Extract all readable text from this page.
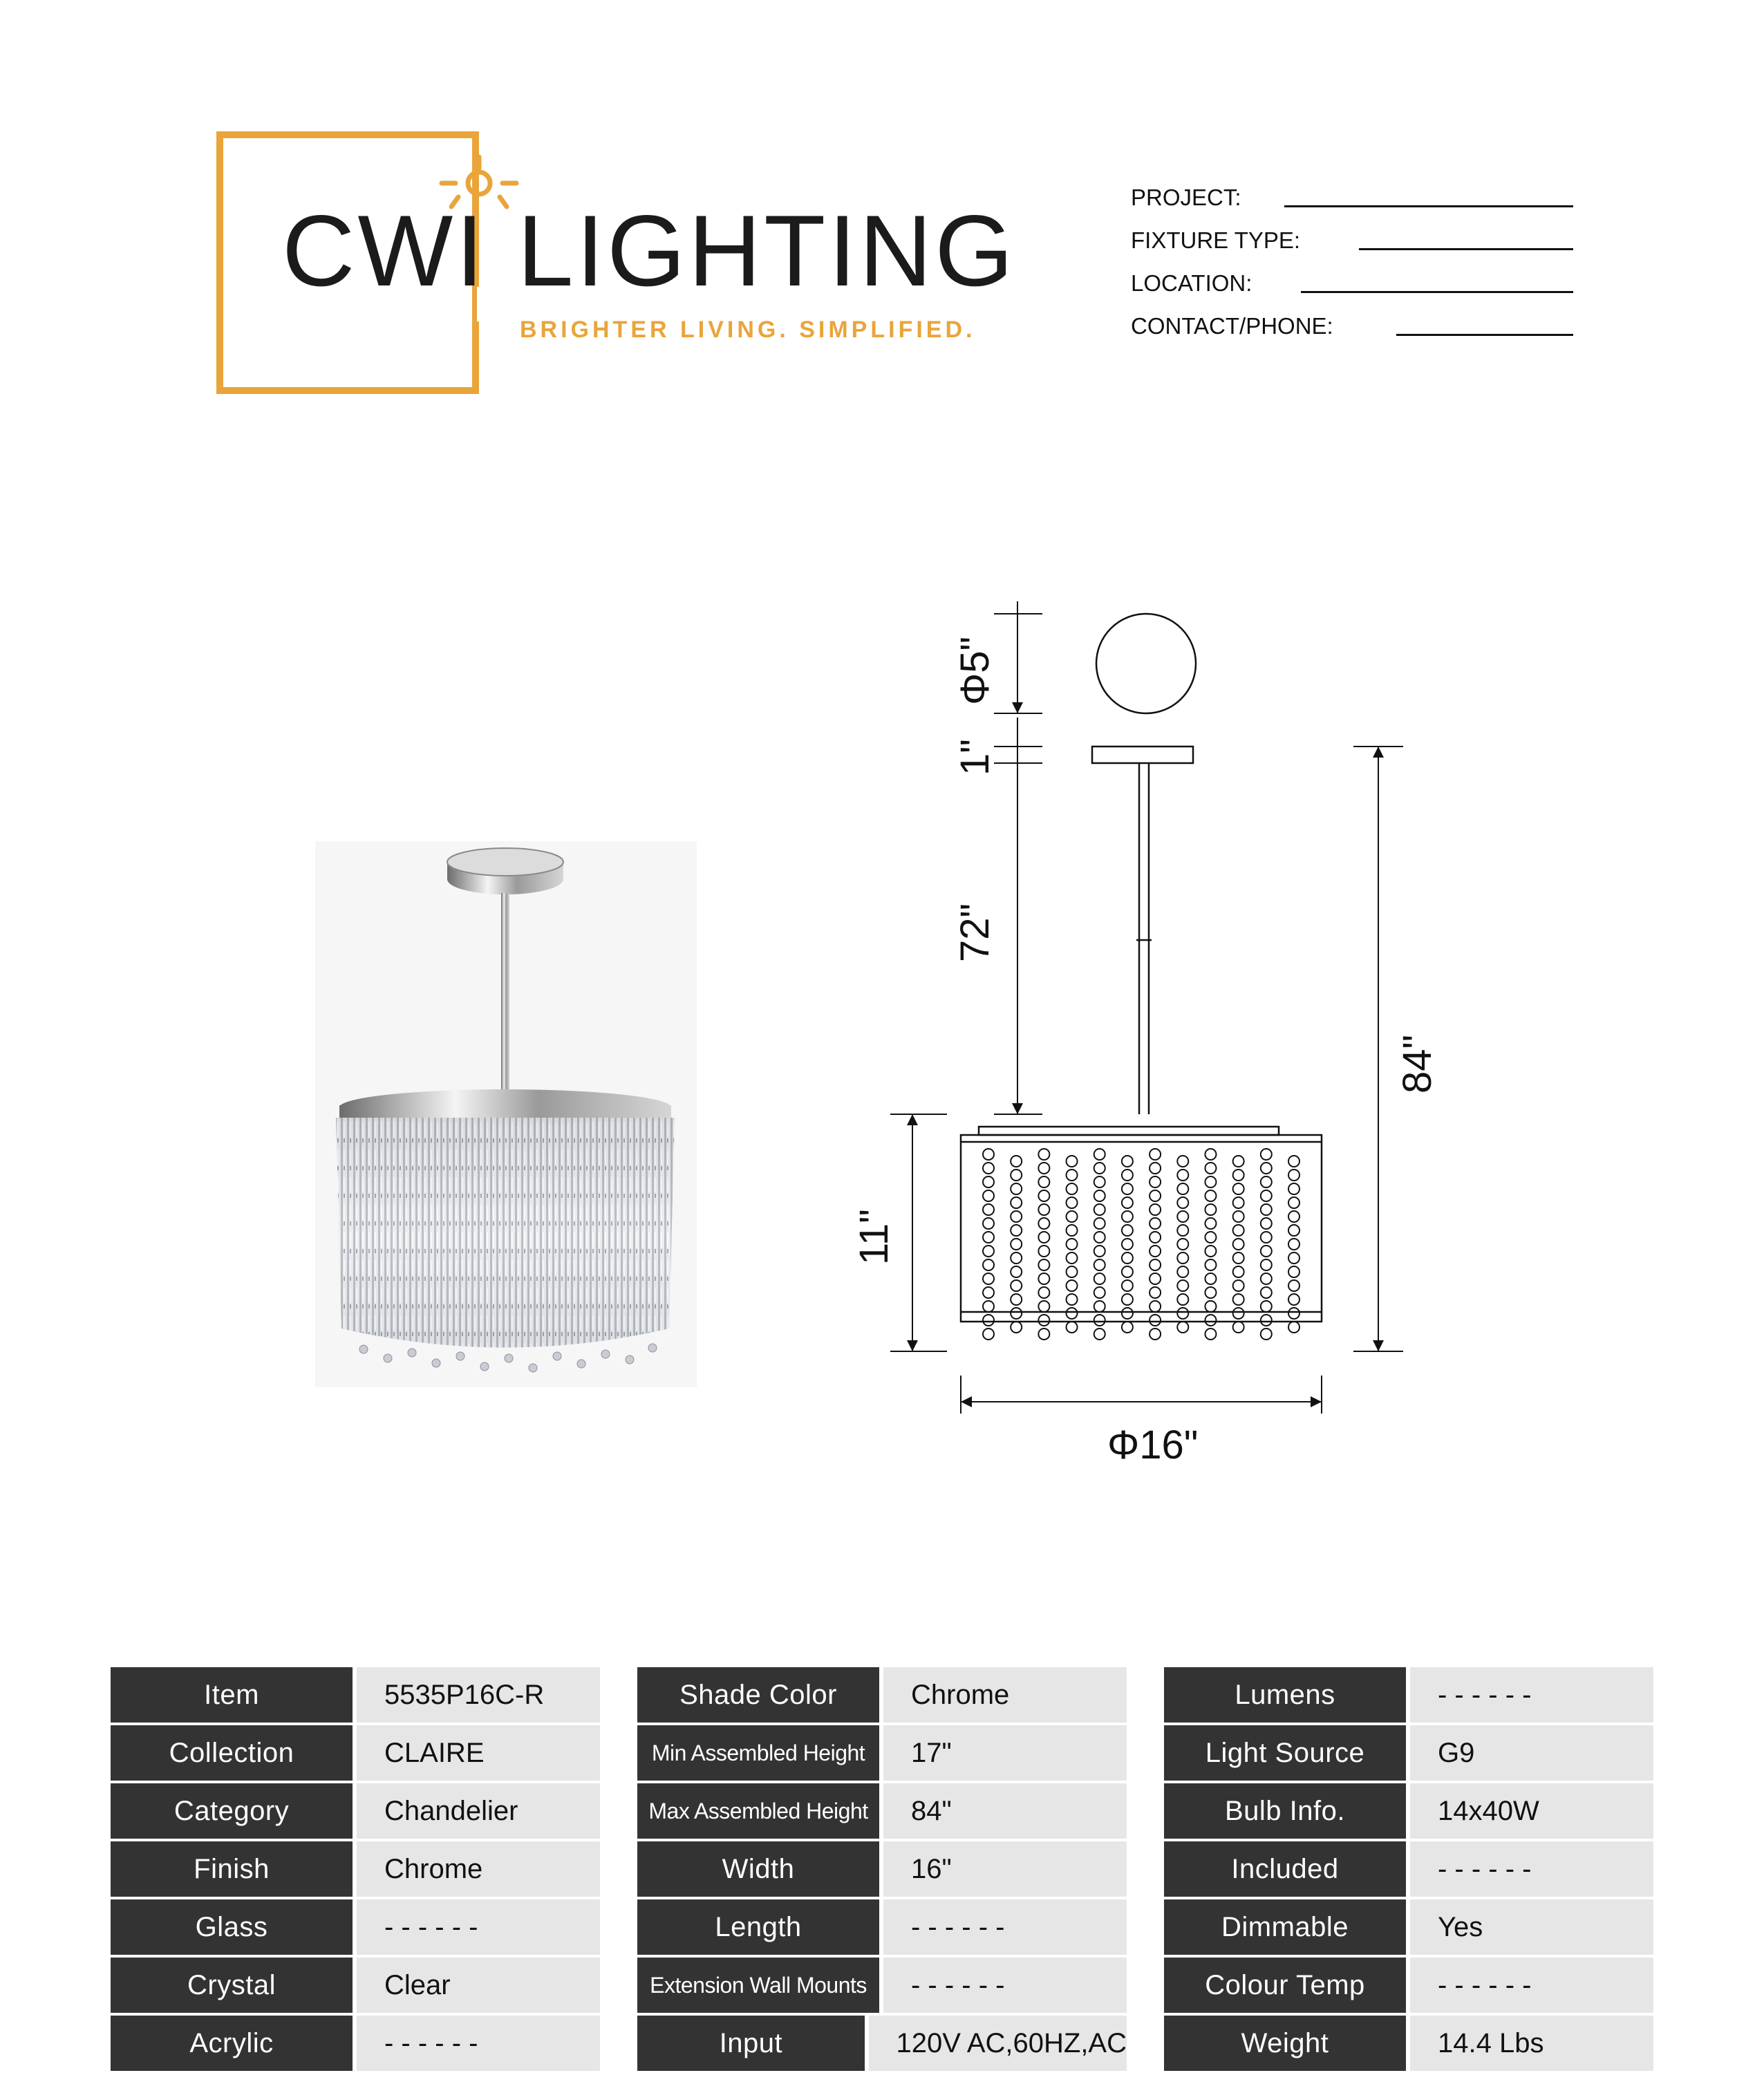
CWI LIGHTING
BRIGHTER LIVING. SIMPLIFIED.
PROJECT:
FIXTURE TYPE:
LOCATION:
CONTACT/PHONE:
Φ5"
1"
72"
84"
11"
Φ16"
Item	5535P16C-R
Collection	CLAIRE
Category	Chandelier
Finish	Chrome
Glass	- - - - - -
Crystal	Clear
Acrylic	- - - - - -
Shade Color	Chrome
Min Assembled Height	17"
Max Assembled Height	84"
Width	16"
Length	- - - - - -
Extension Wall Mounts	- - - - - -
Input	120V AC,60HZ,AC
Lumens	- - - - - -
Light Source	G9
Bulb Info.	14x40W
Included	- - - - - -
Dimmable	Yes
Colour Temp	- - - - - -
Weight	14.4 Lbs
